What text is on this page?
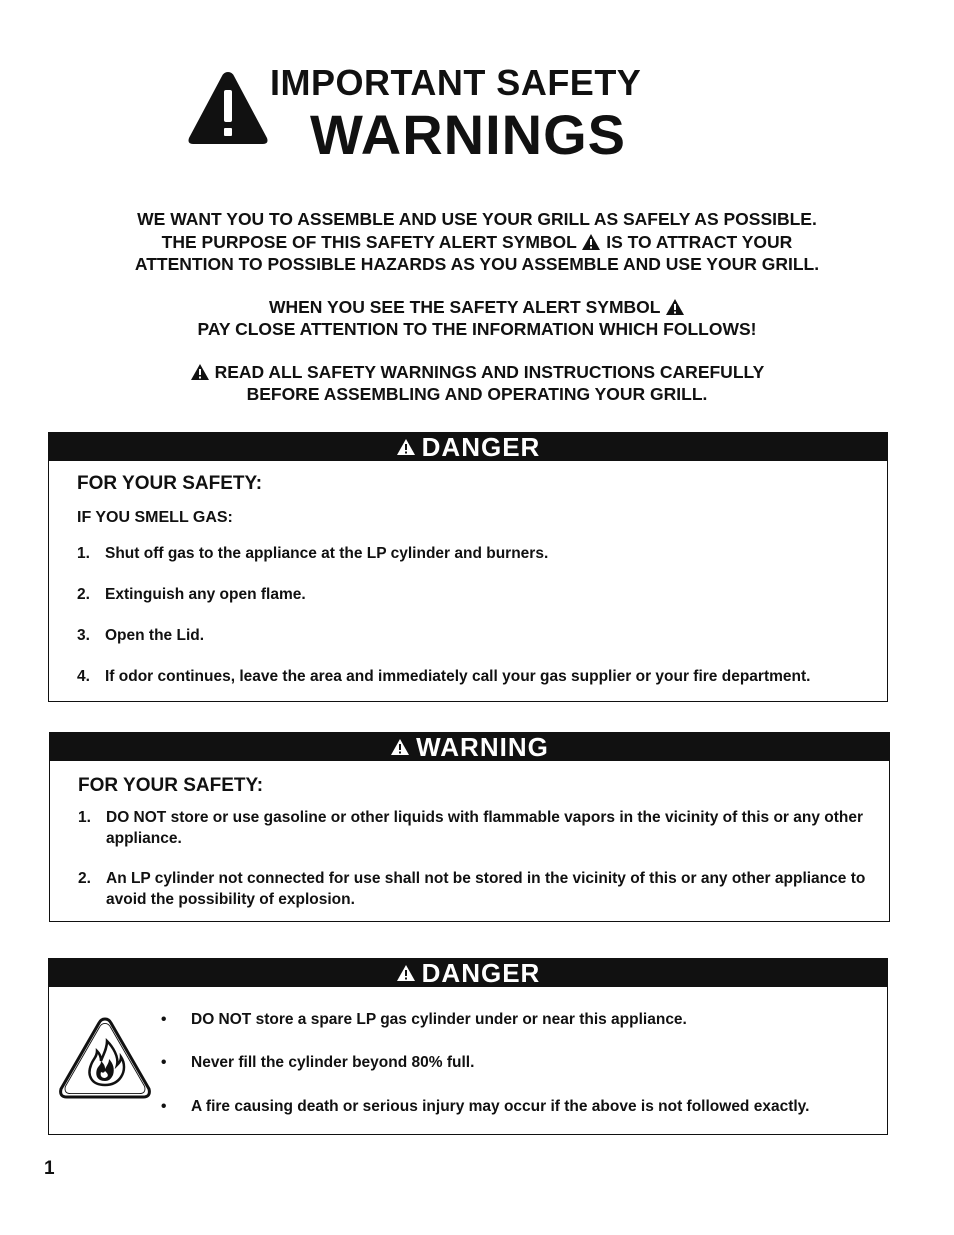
IMPORTANT SAFETY
WARNINGS

WE WANT YOU TO ASSEMBLE AND USE YOUR GRILL AS SAFELY AS POSSIBLE.

THE PURPOSE OF THIS SAFETY ALERT SYMBOL IS TO ATTRACT YOUR

ATTENTION TO POSSIBLE HAZARDS AS YOU ASSEMBLE AND USE YOUR GRILL.

WHEN YOU SEE THE SAFETY ALERT SYMBOL

PAY CLOSE ATTENTION TO THE INFORMATION WHICH FOLLOWS!

READ ALL SAFETY WARNINGS AND INSTRUCTIONS CAREFULLY

BEFORE ASSEMBLING AND OPERATING YOUR GRILL.

DANGER
FOR YOUR SAFETY:
IF YOU SMELL GAS:
1. Shut off gas to the appliance at the LP cylinder and burners.
2. Extinguish any open flame.
3. Open the Lid.
4. If odor continues, leave the area and immediately call your gas supplier or your fire department.
WARNING
FOR YOUR SAFETY:
1. DO NOT store or use gasoline or other liquids with flammable vapors in the vicinity of this or any other appliance.
2. An LP cylinder not connected for use shall not be stored in the vicinity of this or any other appliance to avoid the possibility of explosion.
DANGER
• DO NOT store a spare LP gas cylinder under or near this appliance.
• Never fill the cylinder beyond 80% full.
• A fire causing death or serious injury may occur if the above is not followed exactly.
1
